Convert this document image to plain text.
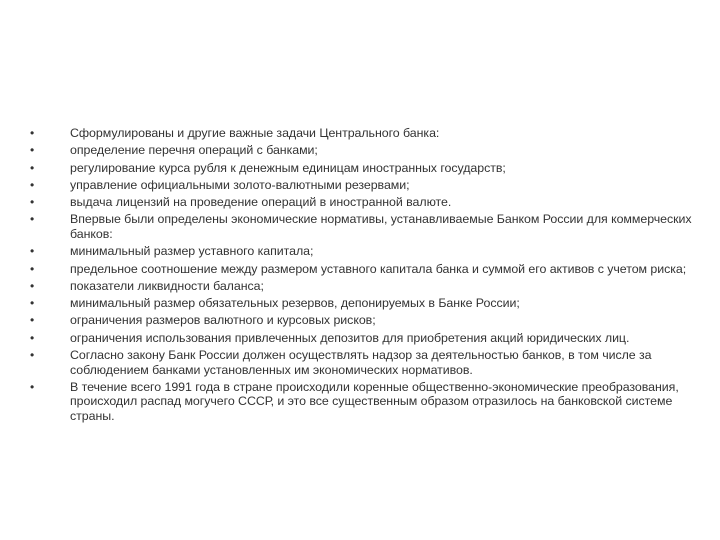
•	Сформулированы и другие важные задачи Центрального банка:
•	определение перечня операций с банками;
•	регулирование курса рубля к денежным единицам иностранных государств;
•	управление официальными золото-валютными резервами;
•	выдача лицензий на проведение операций в иностранной валюте.
•	Впервые были определены экономические нормативы, устанавливаемые Банком России для коммерческих банков:
•	минимальный размер уставного капитала;
•	предельное соотношение между размером уставного капитала банка и суммой его активов с учетом риска;
•	показатели ликвидности баланса;
•	минимальный размер обязательных резервов, депонируемых в Банке России;
•	ограничения размеров валютного и курсовых рисков;
•	ограничения использования привлеченных депозитов для приобретения акций юридических лиц.
•	Согласно закону Банк России должен осуществлять надзор за деятельностью банков, в том числе за соблюдением банками установленных им экономических нормативов.
•	В течение всего 1991 года в стране происходили коренные общественно-экономические преобразования, происходил распад могучего СССР, и это все существенным образом отразилось на банковской системе страны.
